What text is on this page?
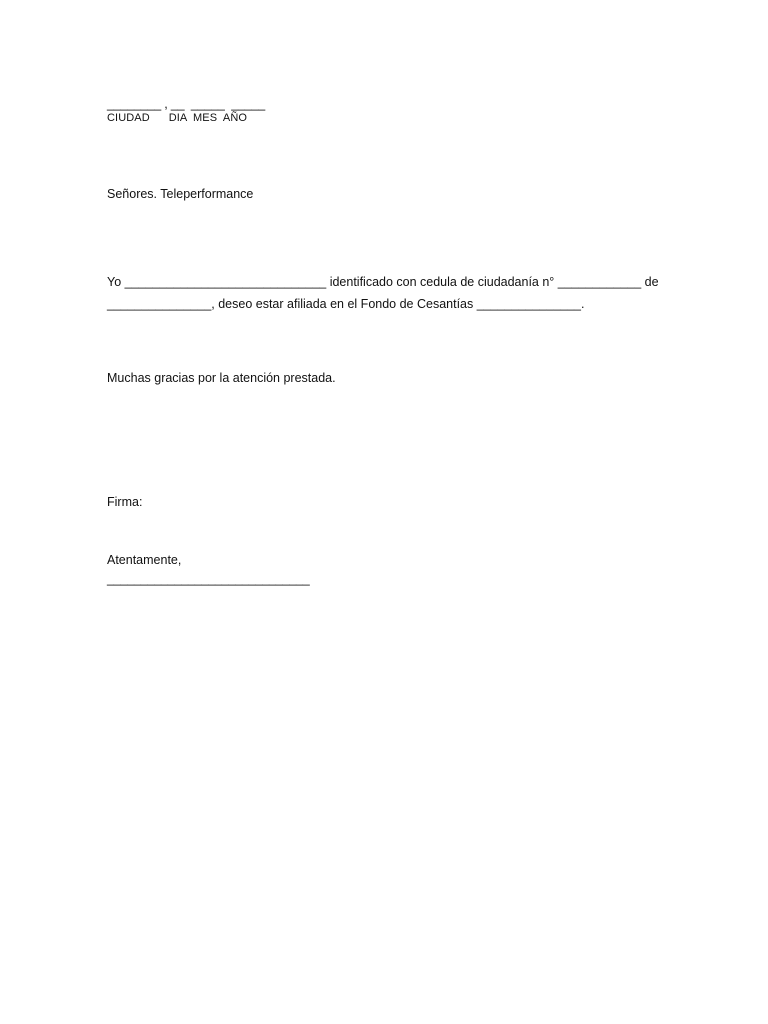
________ , __  _____  _____
CIUDAD      DIA  MES  AÑO
Señores. Teleperformance
Yo _____________________________ identificado con cedula de ciudadanía n° ____________ de
_______________, deseo estar afiliada en el Fondo de Cesantías _______________.
Muchas gracias por la atención prestada.
Firma:
Atentamente,
______________________________
